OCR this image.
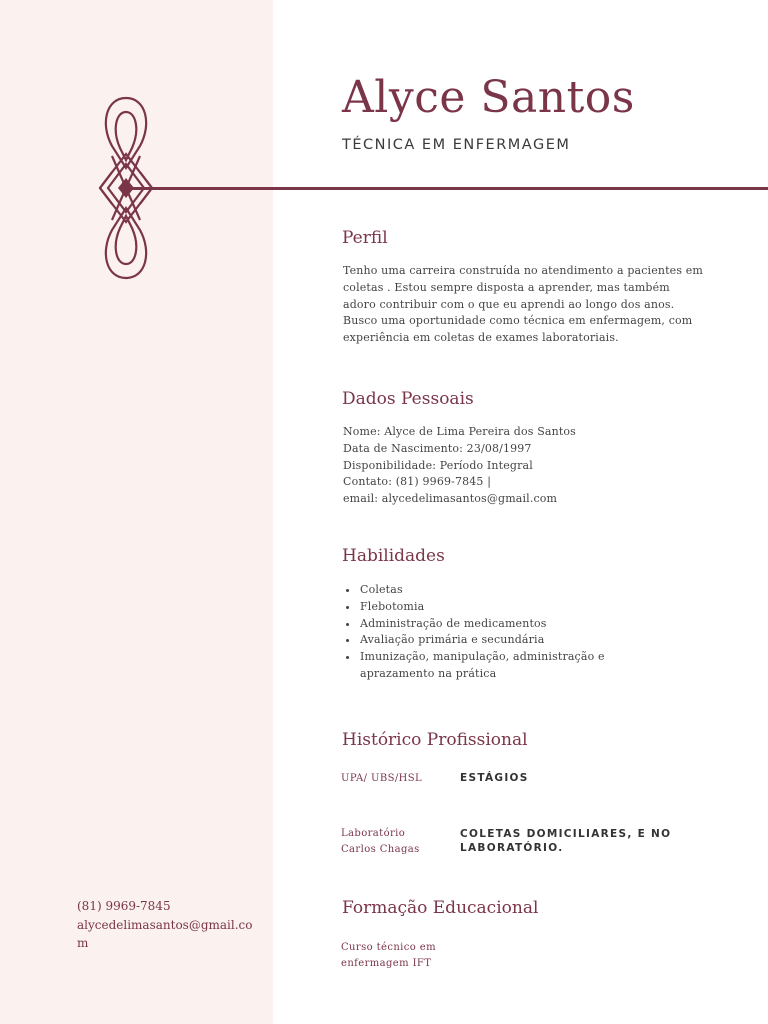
Alyce Santos
TÉCNICA EM ENFERMAGEM
Perfil

Tenho uma carreira construída no atendimento a pacientes em coletas . Estou sempre disposta a aprender, mas também adoro contribuir com o que eu aprendi ao longo dos anos. Busco uma oportunidade como técnica em enfermagem, com experiência em coletas de exames laboratoriais.

Dados Pessoais
Nome: Alyce de Lima Pereira dos Santos
Data de Nascimento: 23/08/1997
Disponibilidade: Período Integral
Contato: (81) 9969-7845 |
email: alycedelimasantos@gmail.com
Habilidades
Coletas
Flebotomia
Administração de medicamentos
Avaliação primária e secundária
Imunização, manipulação, administração e aprazamento na prática
Histórico Profissional
UPA/ UBS/HSL	ESTÁGIOS
Laboratório Carlos Chagas
COLETAS DOMICILIARES, E NO LABORATÓRIO.
Formação Educacional
Curso técnico em enfermagem IFT
(81) 9969-7845
alycedelimasantos@gmail.com
